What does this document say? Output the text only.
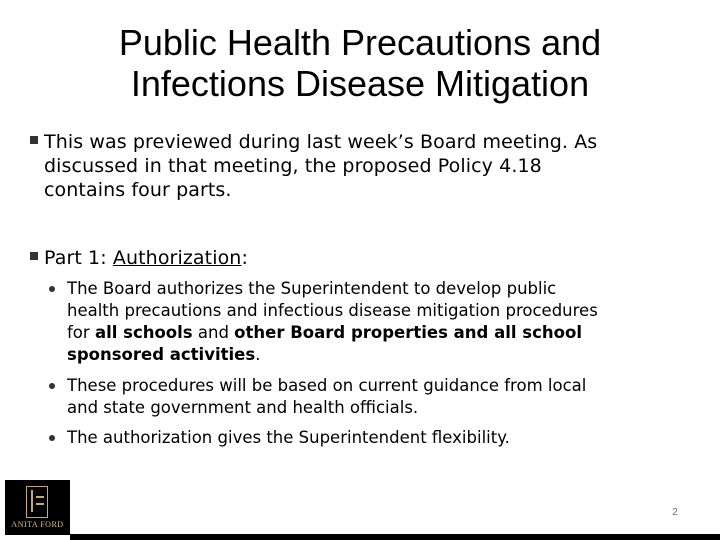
Public Health Precautions and
Infections Disease Mitigation
This was previewed during last week’s Board meeting. As
discussed in that meeting, the proposed Policy 4.18
contains four parts.
Part 1: Authorization:
The Board authorizes the Superintendent to develop public
health precautions and infectious disease mitigation procedures
for all schools and other Board properties and all school
sponsored activities.
These procedures will be based on current guidance from local
and state government and health officials.
The authorization gives the Superintendent flexibility.
ANITA FORD
2
